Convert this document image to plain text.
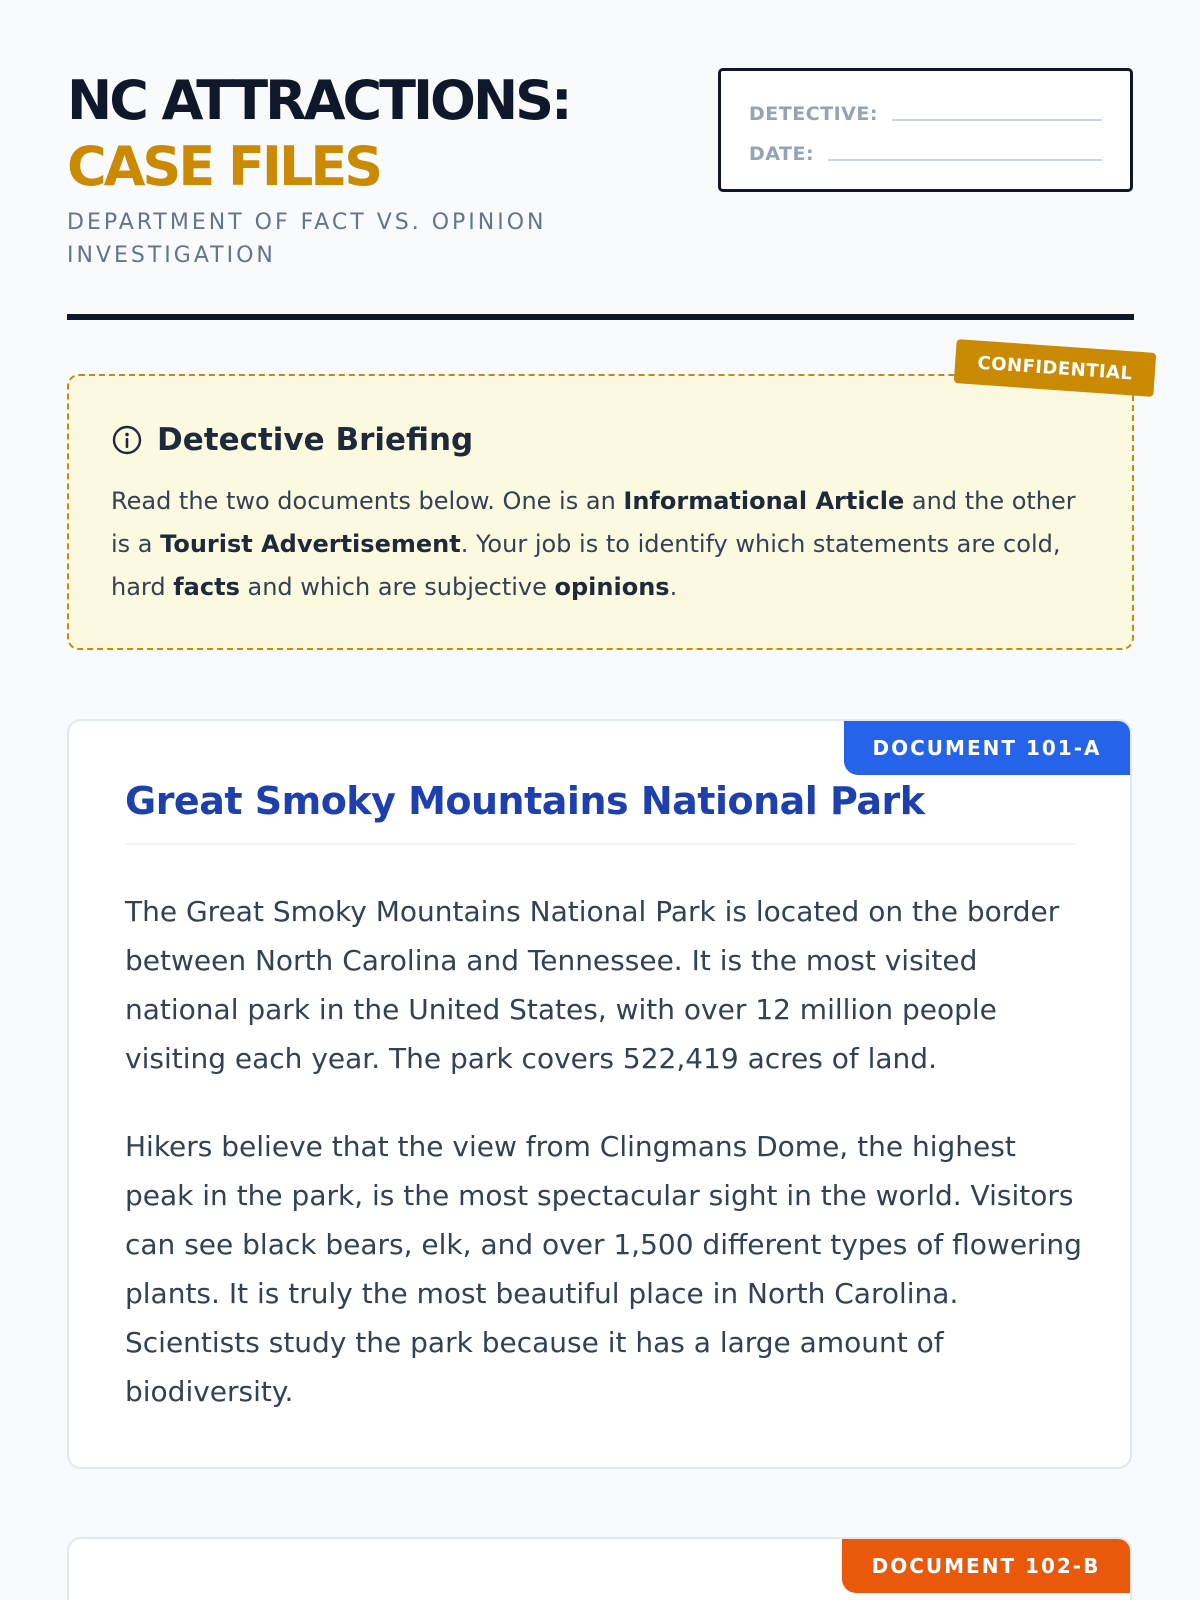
NC ATTRACTIONS:
CASE FILES
DEPARTMENT OF FACT VS. OPINION INVESTIGATION
DETECTIVE:
DATE:
Detective Briefing

Read the two documents below. One is an Informational Article and the other is a Tourist Advertisement. Your job is to identify which statements are cold, hard facts and which are subjective opinions.

CONFIDENTIAL
DOCUMENT 101-A
Great Smoky Mountains National Park

The Great Smoky Mountains National Park is located on the border between North Carolina and Tennessee. It is the most visited national park in the United States, with over 12 million people visiting each year. The park covers 522,419 acres of land.

Hikers believe that the view from Clingmans Dome, the highest peak in the park, is the most spectacular sight in the world. Visitors can see black bears, elk, and over 1,500 different types of flowering plants. It is truly the most beautiful place in North Carolina. Scientists study the park because it has a large amount of biodiversity.

DOCUMENT 102-B
